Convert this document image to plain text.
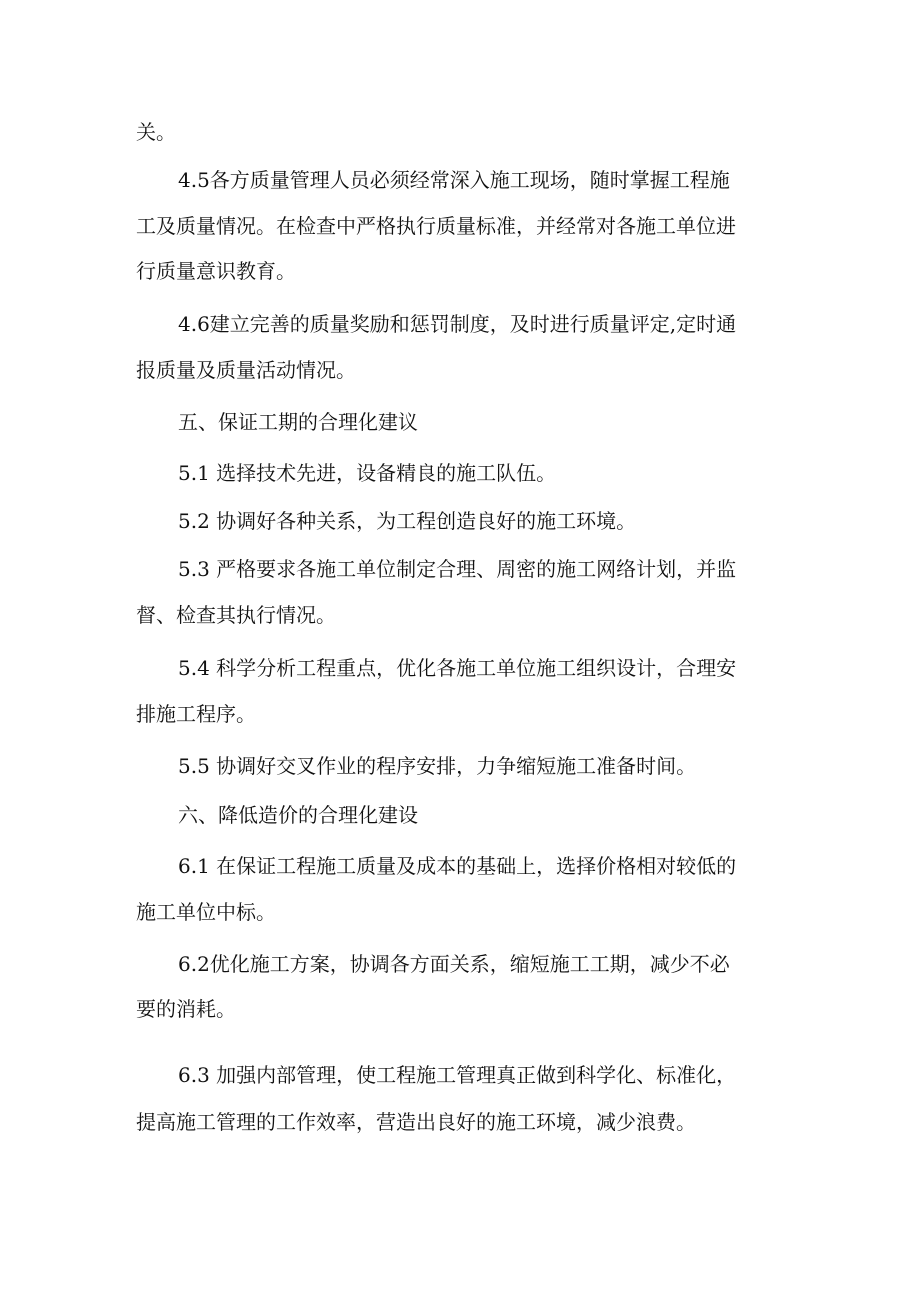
关。
4.5各方质量管理人员必须经常深入施工现场，随时掌握工程施
工及质量情况。在检查中严格执行质量标准，并经常对各施工单位进
行质量意识教育。
4.6建立完善的质量奖励和惩罚制度，及时进行质量评定,定时通
报质量及质量活动情况。
五、保证工期的合理化建议
5.1 选择技术先进，设备精良的施工队伍。
5.2 协调好各种关系，为工程创造良好的施工环境。
5.3 严格要求各施工单位制定合理、周密的施工网络计划，并监
督、检查其执行情况。
5.4 科学分析工程重点，优化各施工单位施工组织设计，合理安
排施工程序。
5.5 协调好交叉作业的程序安排，力争缩短施工准备时间。
六、降低造价的合理化建设
6.1 在保证工程施工质量及成本的基础上，选择价格相对较低的
施工单位中标。
6.2优化施工方案，协调各方面关系，缩短施工工期，减少不必
要的消耗。
6.3 加强内部管理，使工程施工管理真正做到科学化、标准化，
提高施工管理的工作效率，营造出良好的施工环境，减少浪费。
